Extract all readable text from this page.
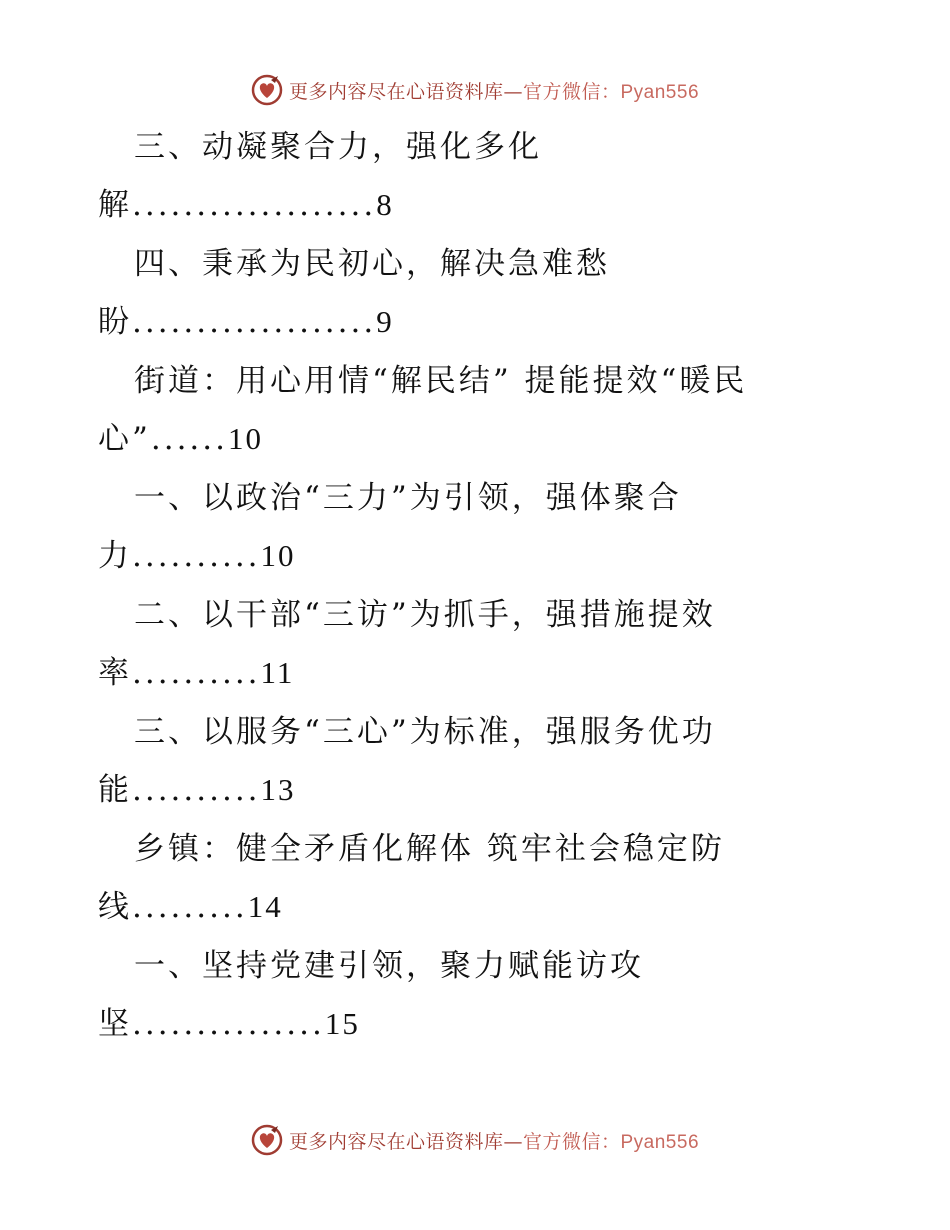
更多内容尽在心语资料库—官方微信：Pyan556
三、动凝聚合力，强化多化
解...................8
四、秉承为民初心，解决急难愁
盼...................9
街道：用心用情“解民结” 提能提效“暖民
心”......10
一、以政治“三力”为引领，强体聚合
力..........10
二、以干部“三访”为抓手，强措施提效
率..........11
三、以服务“三心”为标准，强服务优功
能..........13
乡镇：健全矛盾化解体 筑牢社会稳定防
线.........14
一、坚持党建引领，聚力赋能访攻
坚...............15
更多内容尽在心语资料库—官方微信：Pyan556
